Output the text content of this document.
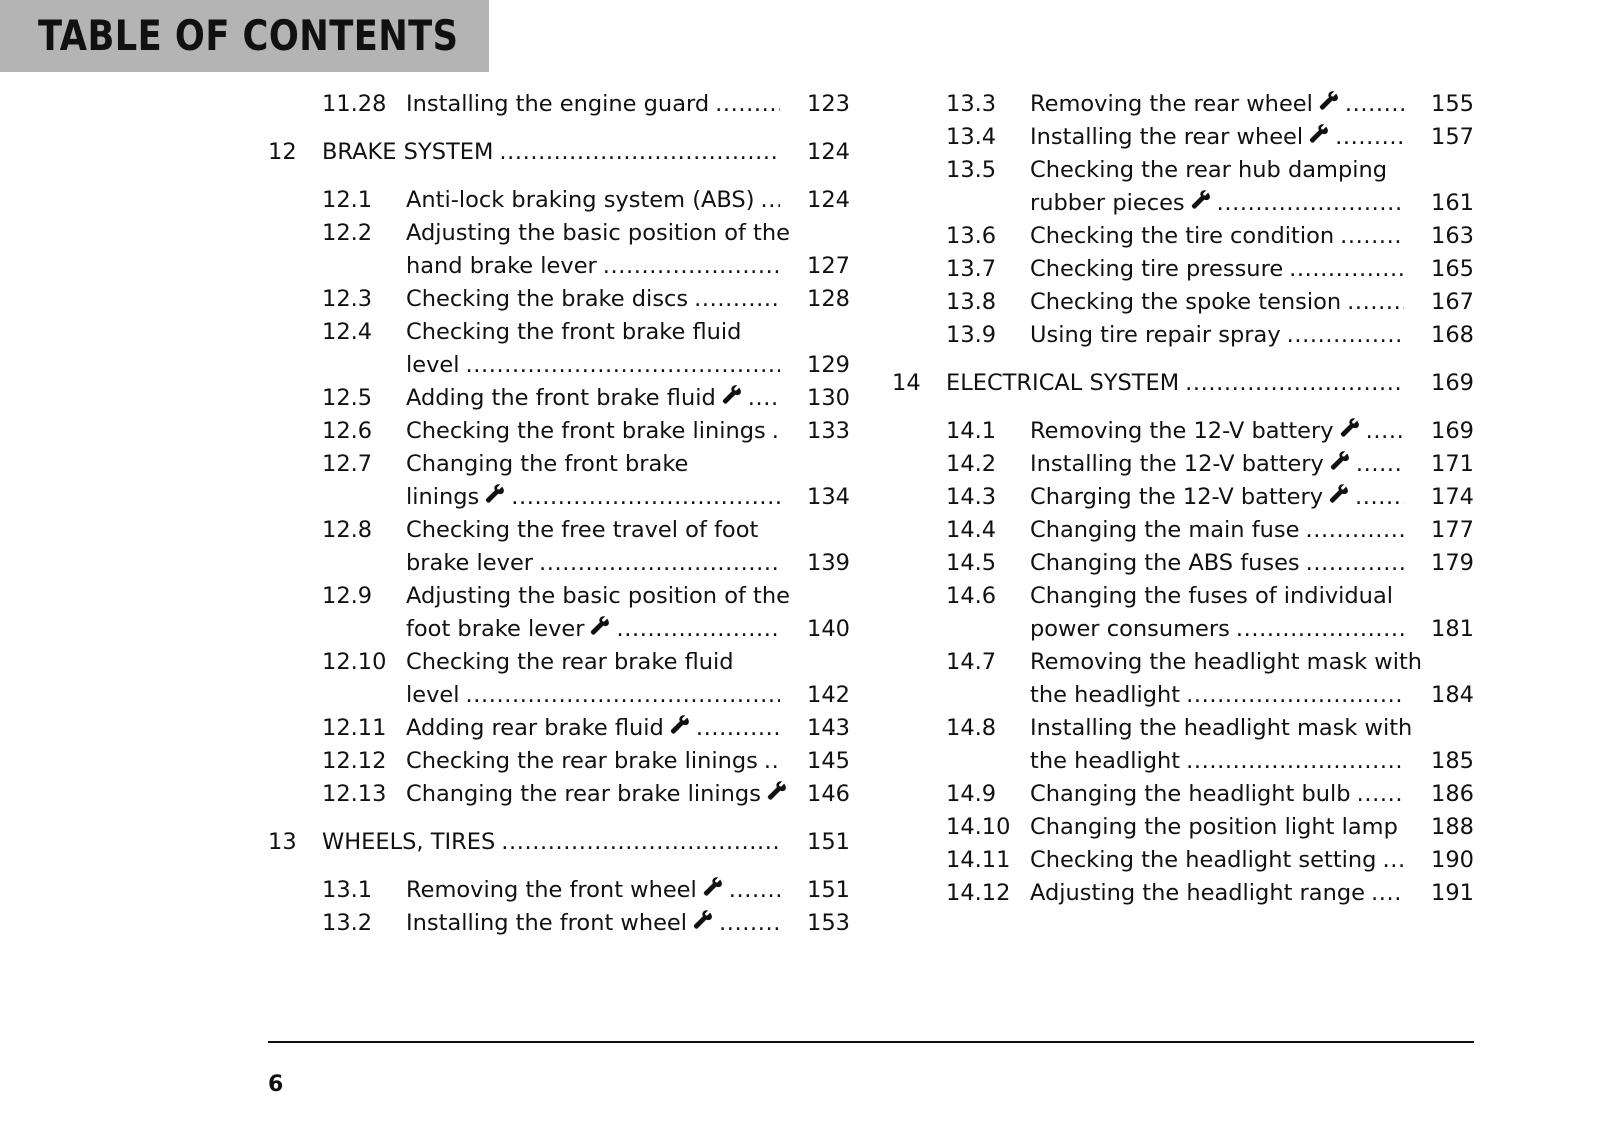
TABLE OF CONTENTS
11.28 Installing the engine guard .....	123
12 BRAKE SYSTEM .....	124
12.1 Anti-lock braking system (ABS) ..... 124
12.2 Adjusting the basic position of the
hand brake lever .....	127
12.3 Checking the brake discs .....	128
12.4 Checking the front brake fluid
level .....	129
12.5 Adding the front brake fluid .....	130
12.6 Checking the front brake linings ..... 133
12.7 Changing the front brake
linings .....	134
12.8 Checking the free travel of foot
brake lever .....	139
12.9 Adjusting the basic position of the
foot brake lever .....	140
12.10 Checking the rear brake fluid
level .....	142
12.11 Adding rear brake fluid .....	143
12.12 Checking the rear brake linings ..... 145
12.13 Changing the rear brake linings 146
13 WHEELS, TIRES .....	151
13.1 Removing the front wheel .....	151
13.2 Installing the front wheel .....	153
13.3 Removing the rear wheel .....	155
13.4 Installing the rear wheel .....	157
13.5 Checking the rear hub damping
rubber pieces .....	161
13.6 Checking the tire condition .....	163
13.7 Checking tire pressure .....	165
13.8 Checking the spoke tension .....	167
13.9 Using tire repair spray .....	168
14 ELECTRICAL SYSTEM .....	169
14.1 Removing the 12-V battery .....	169
14.2 Installing the 12-V battery .....	171
14.3 Charging the 12-V battery .....	174
14.4 Changing the main fuse .....	177
14.5 Changing the ABS fuses .....	179
14.6 Changing the fuses of individual
power consumers .....	181
14.7 Removing the headlight mask with
the headlight .....	184
14.8 Installing the headlight mask with
the headlight .....	185
14.9 Changing the headlight bulb .....	186
14.10 Changing the position light lamp ..... 188
14.11 Checking the headlight setting ..... 190
14.12 Adjusting the headlight range .....	191
6
